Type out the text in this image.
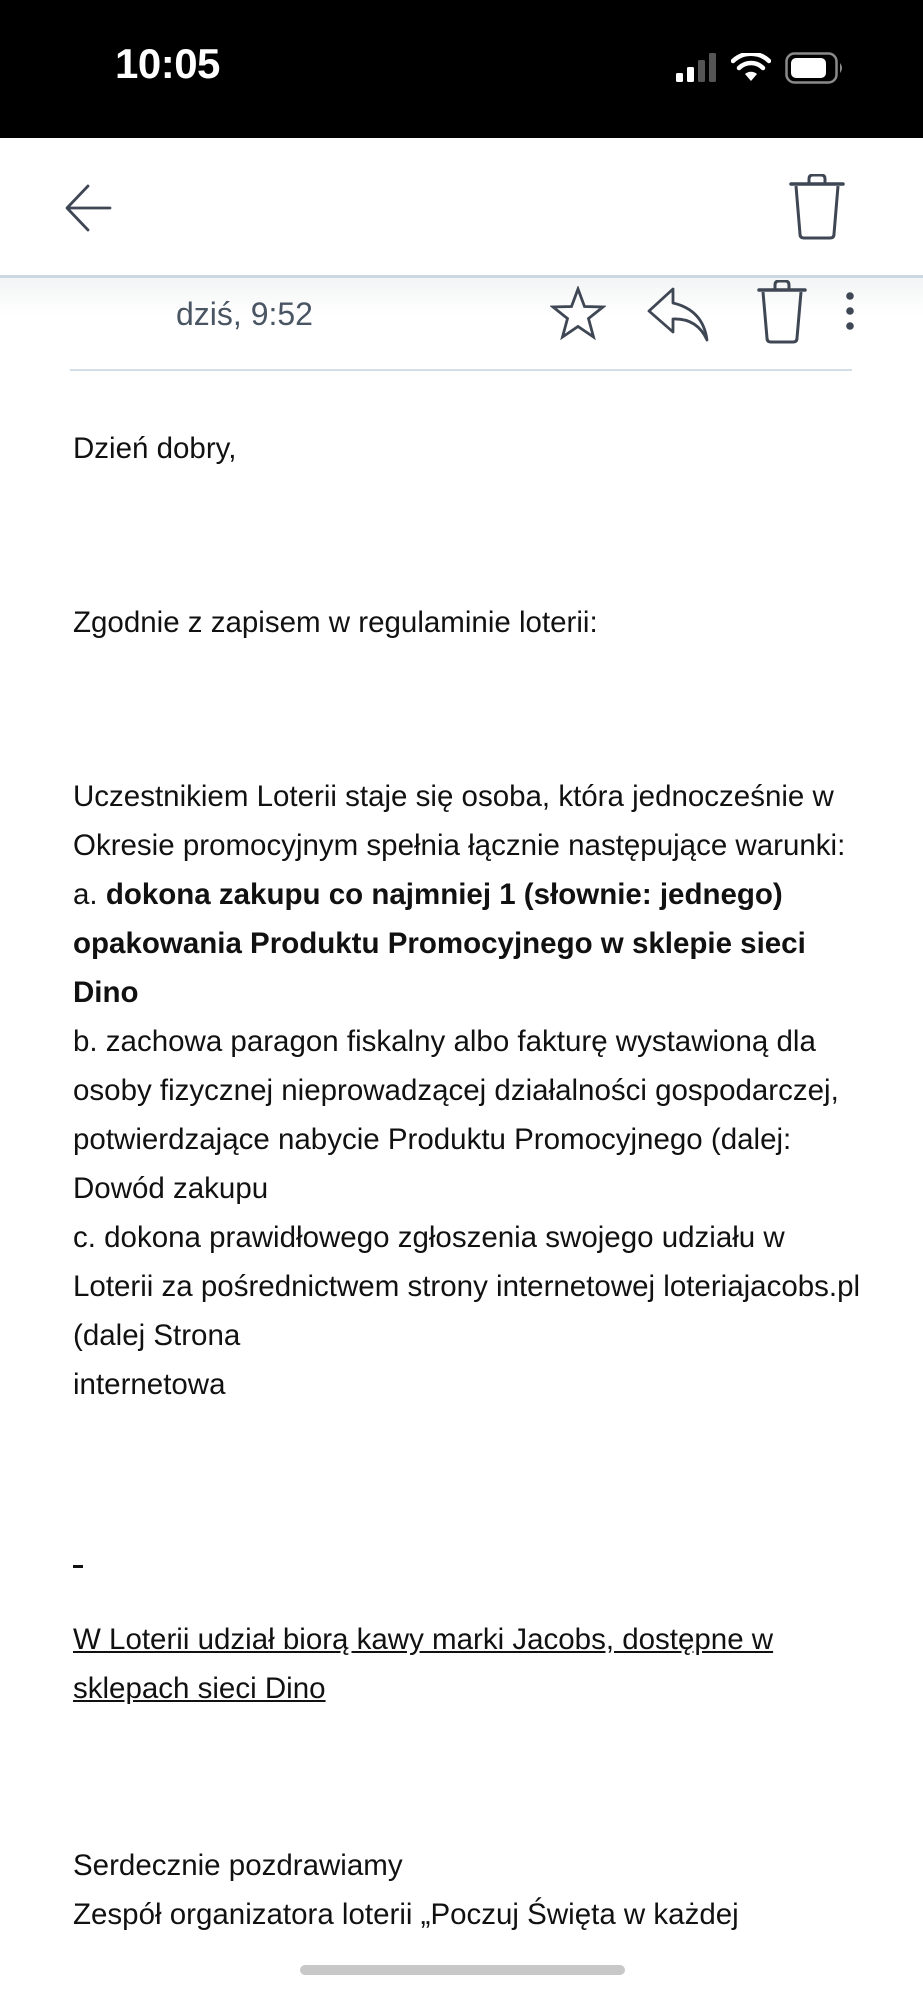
10:05
dziś, 9:52

Dzień dobry,

Zgodnie z zapisem w regulaminie loterii:

Uczestnikiem Loterii staje się osoba, która jednocześnie w Okresie promocyjnym spełnia łącznie następujące warunki:

a. dokona zakupu co najmniej 1 (słownie: jednego) opakowania Produktu Promocyjnego w sklepie sieci Dino

b. zachowa paragon fiskalny albo fakturę wystawioną dla osoby fizycznej nieprowadzącej działalności gospodarczej, potwierdzające nabycie Produktu Promocyjnego (dalej: Dowód zakupu

c. dokona prawidłowego zgłoszenia swojego udziału w Loterii za pośrednictwem strony internetowej loteriajacobs.pl (dalej Strona

internetowa

W Loterii udział biorą kawy marki Jacobs, dostępne w sklepach sieci Dino

Serdecznie pozdrawiamy

Zespół organizatora loterii „Poczuj Święta w każdej
